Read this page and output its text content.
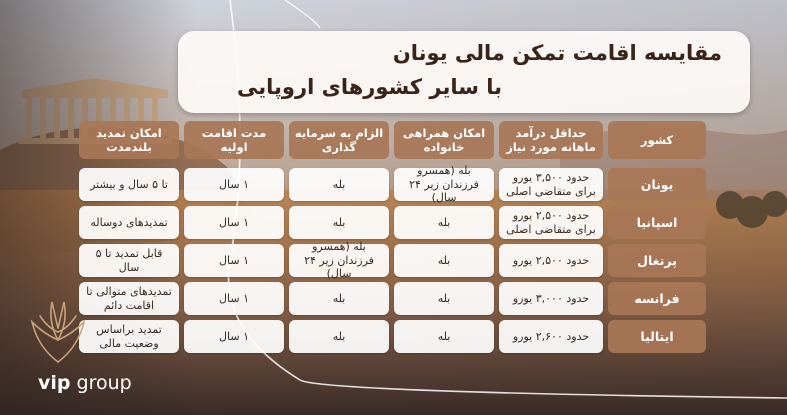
مقایسه اقامت تمکن مالی یونان
با سایر کشورهای اروپایی
کشور
حداقل درآمد ماهانه مورد نیاز
امکان همراهی خانواده
الزام به سرمایه گذاری
مدت اقامت اولیه
امکان تمدید بلندمدت
یونان
حدود ۳,۵۰۰ یورو برای متقاضی اصلی
بله (همسرو فرزندان زیر ۲۴ سال)
بله
۱ سال
تا ۵ سال و بیشتر
اسپانیا
حدود ۲,۵۰۰ یورو برای متقاضی اصلی
بله
بله
۱ سال
تمدیدهای دوساله
پرتغال
حدود ۲,۵۰۰ یورو
بله
بله (همسرو فرزندان زیر ۲۴ سال)
۱ سال
قابل تمدید تا ۵ سال
فرانسه
حدود ۳,۰۰۰ یورو
بله
بله
۱ سال
تمدیدهای متوالی تا اقامت دائم
ایتالیا
حدود ۲,۶۰۰ یورو
بله
بله
۱ سال
تمدید براساس وضعیت مالی
vip group
